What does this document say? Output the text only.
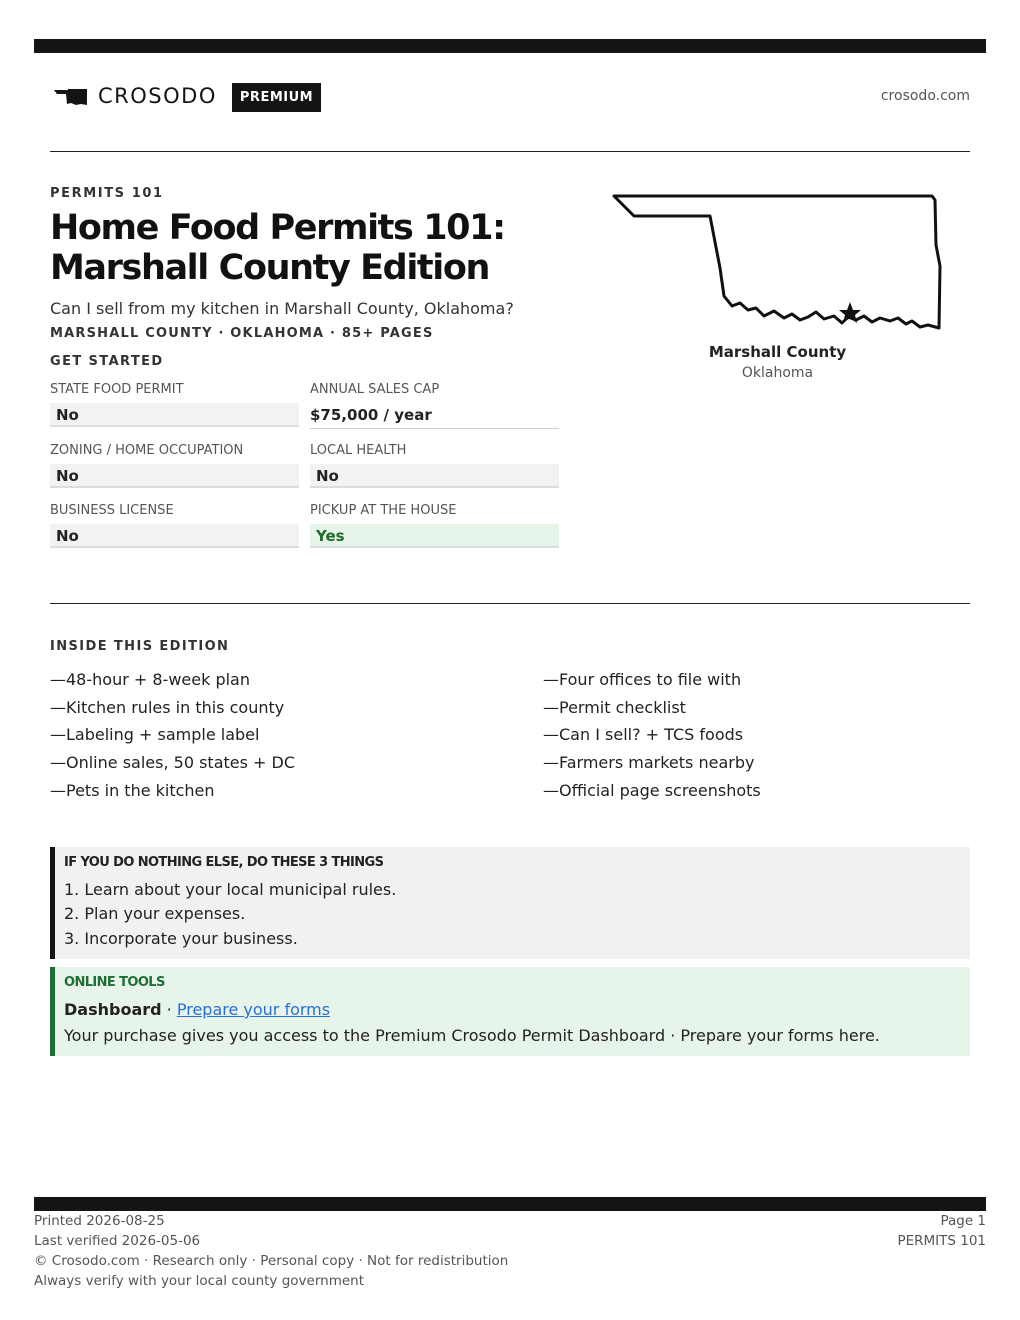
CROSODO	PREMIUM	crosodo.com
PERMITS 101
Home Food Permits 101: Marshall County Edition
Can I sell from my kitchen in Marshall County, Oklahoma?
MARSHALL COUNTY · OKLAHOMA · 85+ PAGES
GET STARTED
STATE FOOD PERMIT
No
ANNUAL SALES CAP
$75,000 / year
ZONING / HOME OCCUPATION
No
LOCAL HEALTH
No
BUSINESS LICENSE
No
PICKUP AT THE HOUSE
Yes
Marshall County
Oklahoma
INSIDE THIS EDITION
—48-hour + 8-week plan
—Kitchen rules in this county
—Labeling + sample label
—Online sales, 50 states + DC
—Pets in the kitchen
—Four offices to file with
—Permit checklist
—Can I sell? + TCS foods
—Farmers markets nearby
—Official page screenshots
IF YOU DO NOTHING ELSE, DO THESE 3 THINGS
1. Learn about your local municipal rules.
2. Plan your expenses.
3. Incorporate your business.
ONLINE TOOLS
Dashboard · Prepare your forms
Your purchase gives you access to the Premium Crosodo Permit Dashboard · Prepare your forms here.
Printed 2026-08-25
Last verified 2026-05-06
© Crosodo.com · Research only · Personal copy · Not for redistribution
Always verify with your local county government
Page 1
PERMITS 101
